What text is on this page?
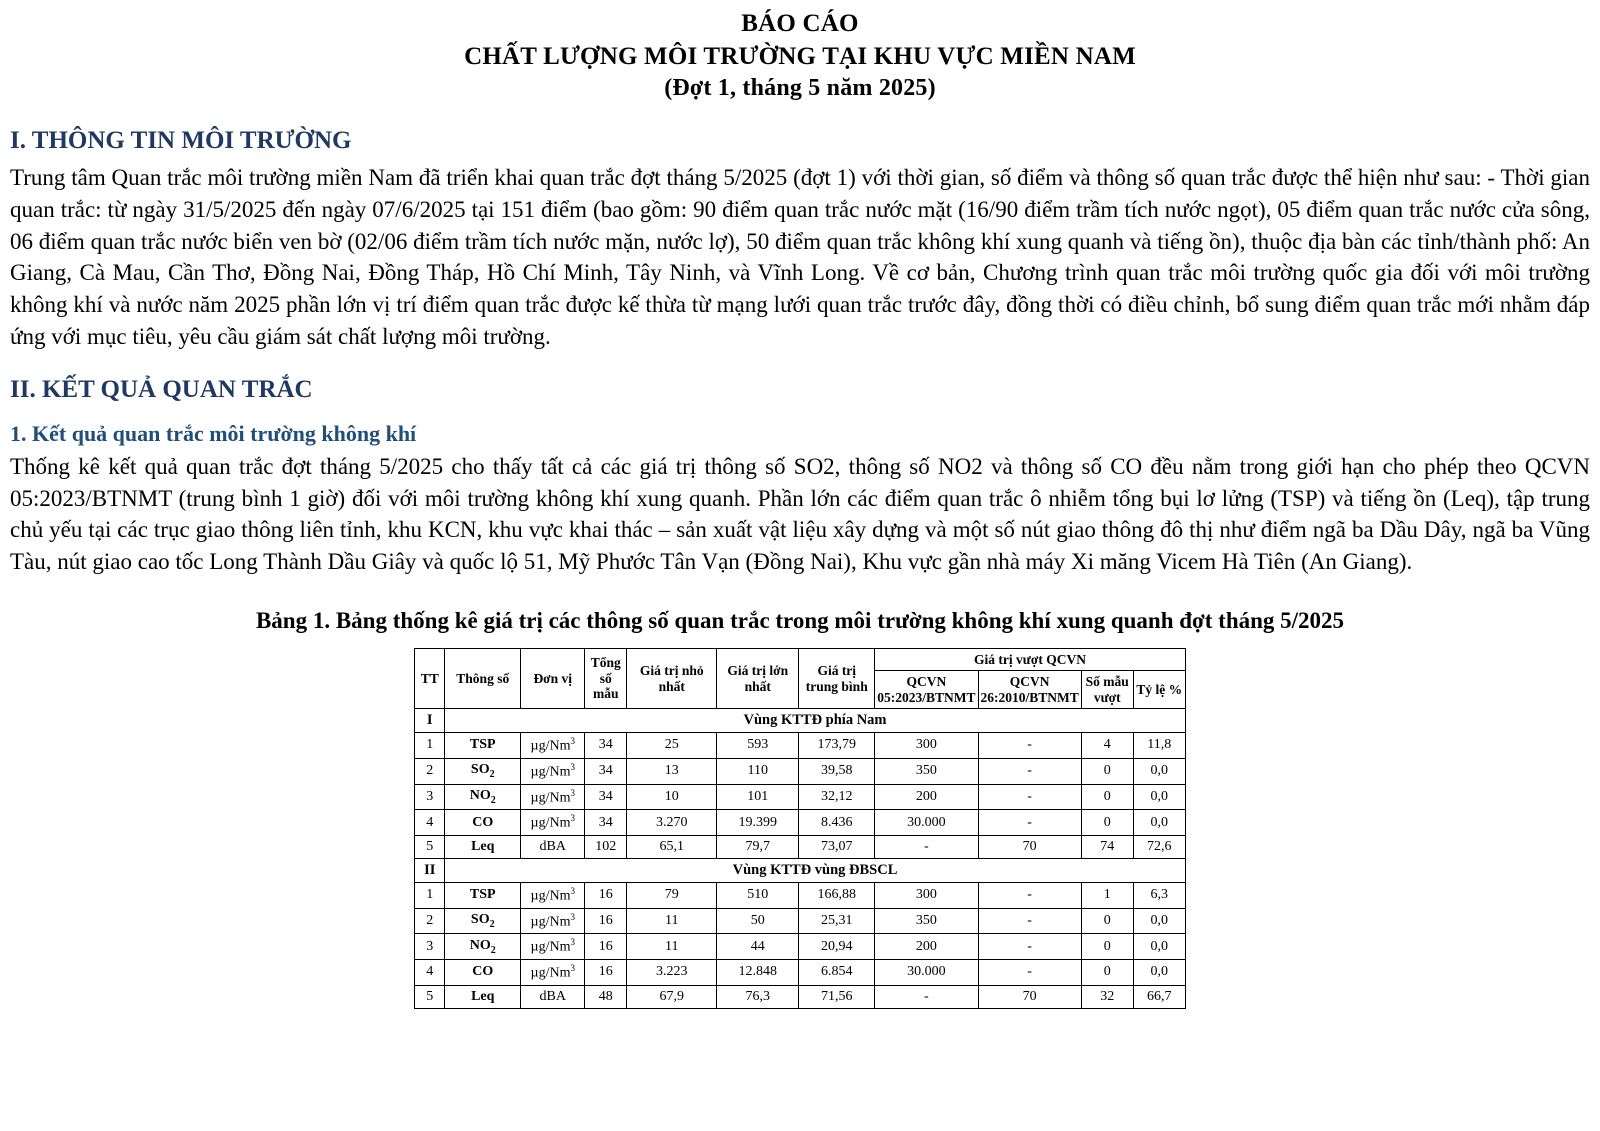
BÁO CÁO
CHẤT LƯỢNG MÔI TRƯỜNG TẠI KHU VỰC MIỀN NAM
(Đợt 1, tháng 5 năm 2025)
I. THÔNG TIN MÔI TRƯỜNG

Trung tâm Quan trắc môi trường miền Nam đã triển khai quan trắc đợt tháng 5/2025 (đợt 1) với thời gian, số điểm và thông số quan trắc được thể hiện như sau: - Thời gian quan trắc: từ ngày 31/5/2025 đến ngày 07/6/2025 tại 151 điểm (bao gồm: 90 điểm quan trắc nước mặt (16/90 điểm trầm tích nước ngọt), 05 điểm quan trắc nước cửa sông, 06 điểm quan trắc nước biển ven bờ (02/06 điểm trầm tích nước mặn, nước lợ), 50 điểm quan trắc không khí xung quanh và tiếng ồn), thuộc địa bàn các tỉnh/thành phố: An Giang, Cà Mau, Cần Thơ, Đồng Nai, Đồng Tháp, Hồ Chí Minh, Tây Ninh, và Vĩnh Long. Về cơ bản, Chương trình quan trắc môi trường quốc gia đối với môi trường không khí và nước năm 2025 phần lớn vị trí điểm quan trắc được kế thừa từ mạng lưới quan trắc trước đây, đồng thời có điều chỉnh, bổ sung điểm quan trắc mới nhằm đáp ứng với mục tiêu, yêu cầu giám sát chất lượng môi trường.

II. KẾT QUẢ QUAN TRẮC
1. Kết quả quan trắc môi trường không khí

Thống kê kết quả quan trắc đợt tháng 5/2025 cho thấy tất cả các giá trị thông số SO2, thông số NO2 và thông số CO đều nằm trong giới hạn cho phép theo QCVN 05:2023/BTNMT (trung bình 1 giờ) đối với môi trường không khí xung quanh. Phần lớn các điểm quan trắc ô nhiễm tổng bụi lơ lửng (TSP) và tiếng ồn (Leq), tập trung chủ yếu tại các trục giao thông liên tỉnh, khu KCN, khu vực khai thác – sản xuất vật liệu xây dựng và một số nút giao thông đô thị như điểm ngã ba Dầu Dây, ngã ba Vũng Tàu, nút giao cao tốc Long Thành Dầu Giây và quốc lộ 51, Mỹ Phước Tân Vạn (Đồng Nai), Khu vực gần nhà máy Xi măng Vicem Hà Tiên (An Giang).

Bảng 1. Bảng thống kê giá trị các thông số quan trắc trong môi trường không khí xung quanh đợt tháng 5/2025
TT	Thông số	Đơn vị	Tổng số mẫu	Giá trị nhỏ nhất	Giá trị lớn nhất	Giá trị trung bình	Giá trị vượt QCVN			
							QCVN 05:2023/BTNMT	QCVN 26:2010/BTNMT	Số mẫu vượt	Tỷ lệ %
I	Vùng KTTĐ phía Nam									
1	TSP	µg/Nm$^3$	34	25	593	173,79	300	-	4	11,8
2	$SO_2$	µg/Nm$^3$	34	13	110	39,58	350	-	0	0,0
3	$NO_2$	µg/Nm$^3$	34	10	101	32,12	200	-	0	0,0
4	CO	µg/Nm$^3$	34	3.270	19.399	8.436	30.000	-	0	0,0
5	Leq	dBA	102	65,1	79,7	73,07	-	70	74	72,6
II	Vùng KTTĐ vùng ĐBSCL									
1	TSP	µg/Nm$^3$	16	79	510	166,88	300	-	1	6,3
2	$SO_2$	µg/Nm$^3$	16	11	50	25,31	350	-	0	0,0
3	$NO_2$	µg/Nm$^3$	16	11	44	20,94	200	-	0	0,0
4	CO	µg/Nm$^3$	16	3.223	12.848	6.854	30.000	-	0	0,0
5	Leq	dBA	48	67,9	76,3	71,56	-	70	32	66,7
